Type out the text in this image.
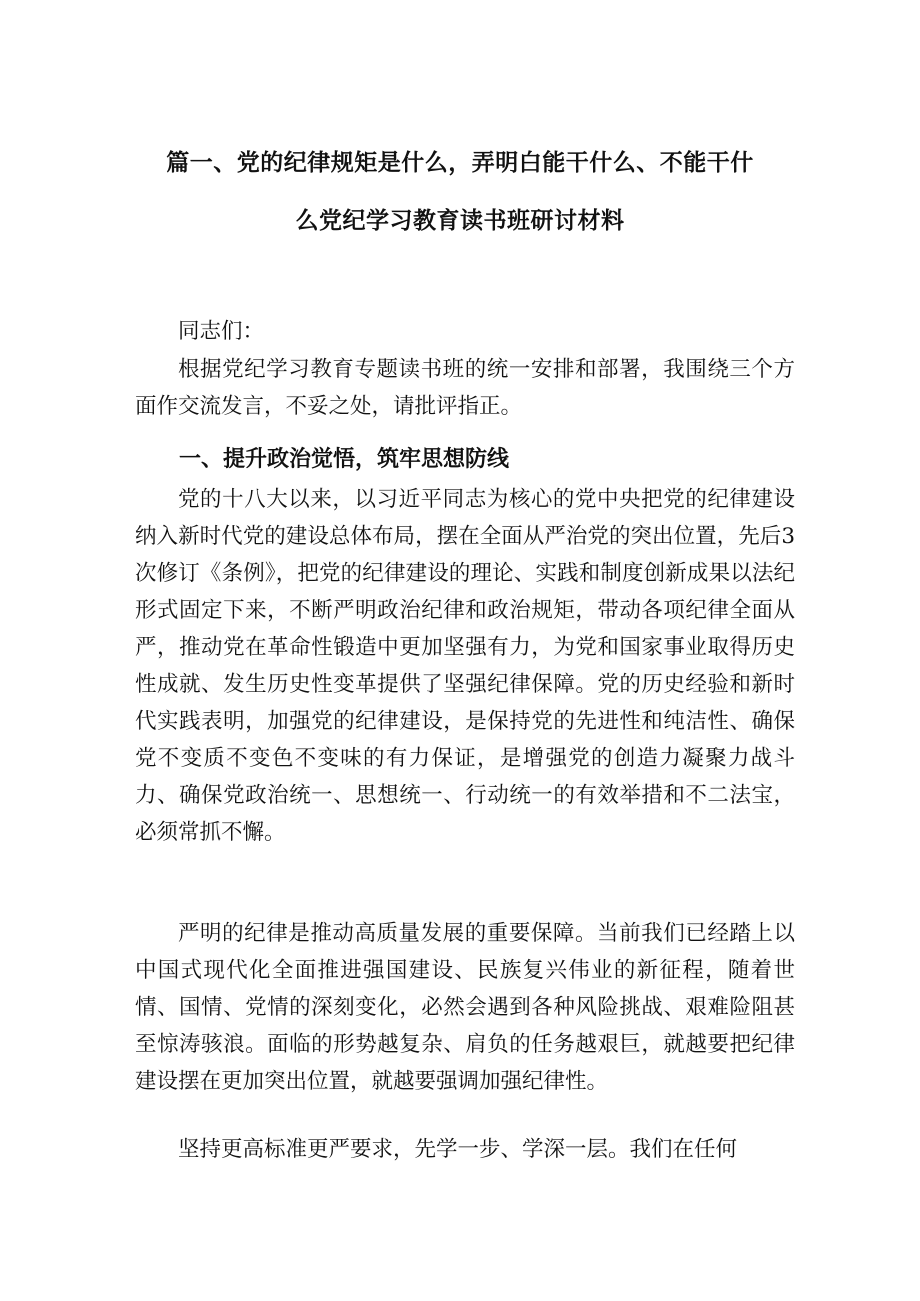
篇一、党的纪律规矩是什么，弄明白能干什么、不能干什
么党纪学习教育读书班研讨材料

同志们：

根据党纪学习教育专题读书班的统一安排和部署，我围绕三个方面作交流发言，不妥之处，请批评指正。

一、提升政治觉悟，筑牢思想防线

党的十八大以来，以习近平同志为核心的党中央把党的纪律建设纳入新时代党的建设总体布局，摆在全面从严治党的突出位置，先后3次修订《条例》，把党的纪律建设的理论、实践和制度创新成果以法纪形式固定下来，不断严明政治纪律和政治规矩，带动各项纪律全面从严，推动党在革命性锻造中更加坚强有力，为党和国家事业取得历史性成就、发生历史性变革提供了坚强纪律保障。党的历史经验和新时代实践表明，加强党的纪律建设，是保持党的先进性和纯洁性、确保党不变质不变色不变味的有力保证，是增强党的创造力凝聚力战斗力、确保党政治统一、思想统一、行动统一的有效举措和不二法宝，必须常抓不懈。

严明的纪律是推动高质量发展的重要保障。当前我们已经踏上以中国式现代化全面推进强国建设、民族复兴伟业的新征程，随着世情、国情、党情的深刻变化，必然会遇到各种风险挑战、艰难险阻甚至惊涛骇浪。面临的形势越复杂、肩负的任务越艰巨，就越要把纪律建设摆在更加突出位置，就越要强调加强纪律性。

坚持更高标准更严要求，先学一步、学深一层。我们在任何
